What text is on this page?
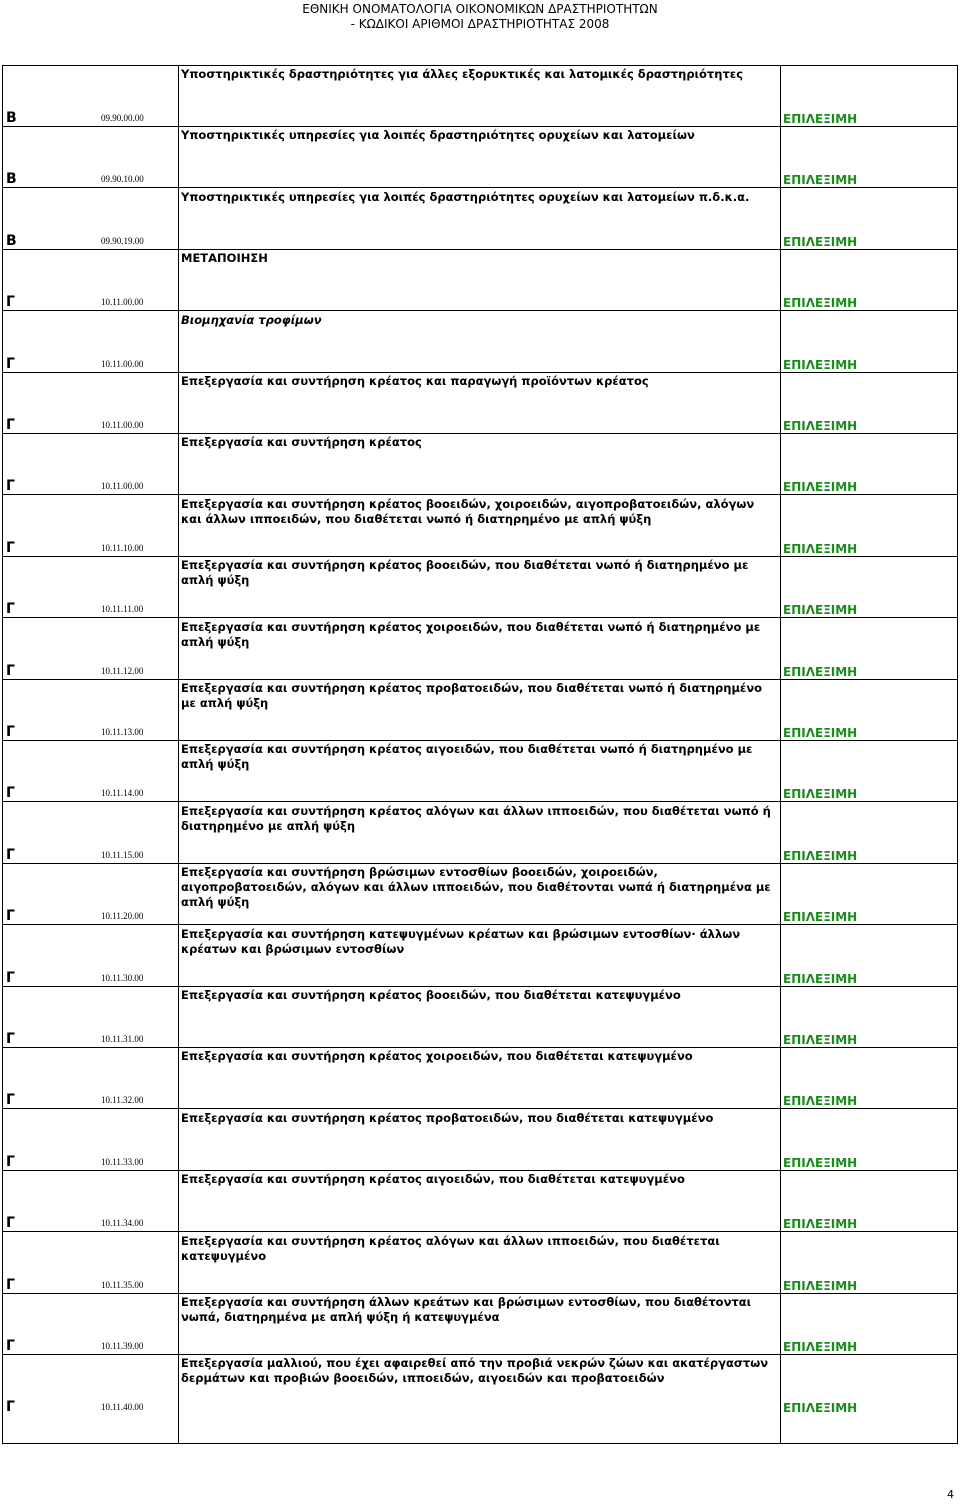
ΕΘΝΙΚΗ ΟΝΟΜΑΤΟΛΟΓΙΑ ΟΙΚΟΝΟΜΙΚΩΝ ΔΡΑΣΤΗΡΙΟΤΗΤΩΝ
- ΚΩΔΙΚΟΙ ΑΡΙΘΜΟΙ ΔΡΑΣΤΗΡΙΟΤΗΤΑΣ 2008
Υποστηρικτικές δραστηριότητες για άλλες εξορυκτικές και λατομικές δραστηριότητες
Β	09.90.00.00	ΕΠΙΛΕΞΙΜΗ
Υποστηρικτικές υπηρεσίες για λοιπές δραστηριότητες ορυχείων και λατομείων
Β	09.90.10.00	ΕΠΙΛΕΞΙΜΗ
Υποστηρικτικές υπηρεσίες για λοιπές δραστηριότητες ορυχείων και λατομείων π.δ.κ.α.
Β	09.90.19.00	ΕΠΙΛΕΞΙΜΗ
ΜΕΤΑΠΟΙΗΣΗ
Γ	10.11.00.00	ΕΠΙΛΕΞΙΜΗ
Βιομηχανία τροφίμων
Γ	10.11.00.00	ΕΠΙΛΕΞΙΜΗ
Επεξεργασία και συντήρηση κρέατος και παραγωγή προϊόντων κρέατος
Γ	10.11.00.00	ΕΠΙΛΕΞΙΜΗ
Επεξεργασία και συντήρηση κρέατος
Γ	10.11.00.00	ΕΠΙΛΕΞΙΜΗ
Επεξεργασία και συντήρηση κρέατος βοοειδών, χοιροειδών, αιγοπροβατοειδών, αλόγων και άλλων ιπποειδών, που διαθέτεται νωπό ή διατηρημένο με απλή ψύξη
Γ	10.11.10.00	ΕΠΙΛΕΞΙΜΗ
Επεξεργασία και συντήρηση κρέατος βοοειδών, που διαθέτεται νωπό ή διατηρημένο με απλή ψύξη
Γ	10.11.11.00	ΕΠΙΛΕΞΙΜΗ
Επεξεργασία και συντήρηση κρέατος χοιροειδών, που διαθέτεται νωπό ή διατηρημένο με απλή ψύξη
Γ	10.11.12.00	ΕΠΙΛΕΞΙΜΗ
Επεξεργασία και συντήρηση κρέατος προβατοειδών, που διαθέτεται νωπό ή διατηρημένο με απλή ψύξη
Γ	10.11.13.00	ΕΠΙΛΕΞΙΜΗ
Επεξεργασία και συντήρηση κρέατος αιγοειδών, που διαθέτεται νωπό ή διατηρημένο με απλή ψύξη
Γ	10.11.14.00	ΕΠΙΛΕΞΙΜΗ
Επεξεργασία και συντήρηση κρέατος αλόγων και άλλων ιπποειδών, που διαθέτεται νωπό ή διατηρημένο με απλή ψύξη
Γ	10.11.15.00	ΕΠΙΛΕΞΙΜΗ
Επεξεργασία και συντήρηση βρώσιμων εντοσθίων βοοειδών, χοιροειδών, αιγοπροβατοειδών, αλόγων και άλλων ιπποειδών, που διαθέτονται νωπά ή διατηρημένα με απλή ψύξη
Γ	10.11.20.00	ΕΠΙΛΕΞΙΜΗ
Επεξεργασία και συντήρηση κατεψυγμένων κρέατων και βρώσιμων εντοσθίων· άλλων κρέατων και βρώσιμων εντοσθίων
Γ	10.11.30.00	ΕΠΙΛΕΞΙΜΗ
Επεξεργασία και συντήρηση κρέατος βοοειδών, που διαθέτεται κατεψυγμένο
Γ	10.11.31.00	ΕΠΙΛΕΞΙΜΗ
Επεξεργασία και συντήρηση κρέατος χοιροειδών, που διαθέτεται κατεψυγμένο
Γ	10.11.32.00	ΕΠΙΛΕΞΙΜΗ
Επεξεργασία και συντήρηση κρέατος προβατοειδών, που διαθέτεται κατεψυγμένο
Γ	10.11.33.00	ΕΠΙΛΕΞΙΜΗ
Επεξεργασία και συντήρηση κρέατος αιγοειδών, που διαθέτεται κατεψυγμένο
Γ	10.11.34.00	ΕΠΙΛΕΞΙΜΗ
Επεξεργασία και συντήρηση κρέατος αλόγων και άλλων ιπποειδών, που διαθέτεται κατεψυγμένο
Γ	10.11.35.00	ΕΠΙΛΕΞΙΜΗ
Επεξεργασία και συντήρηση άλλων κρεάτων και βρώσιμων εντοσθίων, που διαθέτονται νωπά, διατηρημένα με απλή ψύξη ή κατεψυγμένα
Γ	10.11.39.00	ΕΠΙΛΕΞΙΜΗ
Επεξεργασία μαλλιού, που έχει αφαιρεθεί από την προβιά νεκρών ζώων και ακατέργαστων δερμάτων και προβιών βοοειδών, ιπποειδών, αιγοειδών και προβατοειδών
Γ	10.11.40.00	ΕΠΙΛΕΞΙΜΗ
4
